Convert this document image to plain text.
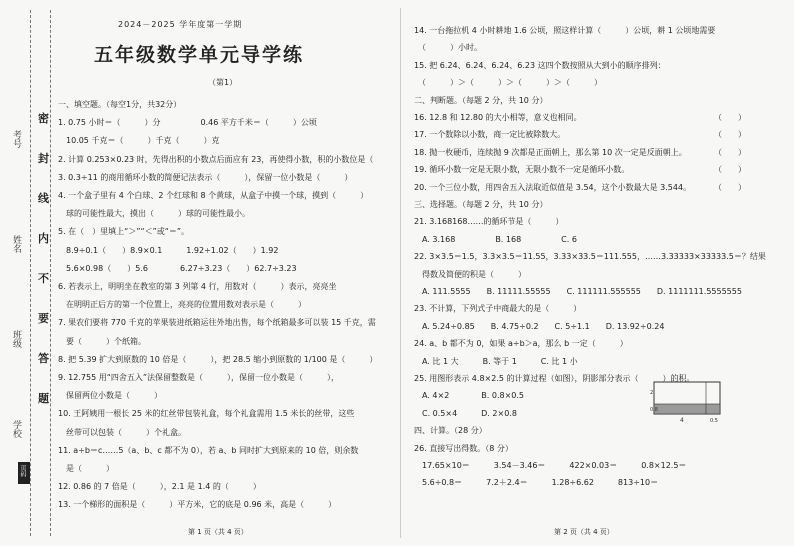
考号
姓名
班级
学校
密
封
线
内
不
要
答
题
页码
2024－2025 学年度第一学期
五年级数学单元导学练
（第1）
一、填空题。（每空1分，共32分）
1. 0.75 小时＝（　　　）分　　　　　0.46 平方千米＝（　　　）公顷
　10.05 千克＝（　　　）千克（　　　）克
2. 计算 0.253×0.23 时，先得出积的小数点后面应有 23，再使得小数，积的小数位是（
3. 0.3÷11 的商用循环小数的简便记法表示（　　　），保留一位小数是（　　　）
4. 一个盒子里有 4 个白球、2 个红球和 8 个黄球，从盒子中摸一个球，摸到（　　　）
　球的可能性最大，摸出（　　　）球的可能性最小。
5. 在（　）里填上“＞”“＜”或“＝”。
　8.9÷0.1（　　）8.9×0.1　　　1.92÷1.02（　　）1.92
　5.6×0.98（　　）5.6　　　　6.27÷3.23（　　）62.7÷3.23
6. 若表示上，明明坐在教室的第 3 列第 4 行，用数对（　　　）表示，亮亮坐
　在明明正后方的第一个位置上，亮亮的位置用数对表示是（　　　）
7. 果农们要将 770 千克的苹果装进纸箱运往外地出售，每个纸箱最多可以装 15 千克，需
　要（　　　）个纸箱。
8. 把 5.39 扩大到原数的 10 倍是（　　　），把 28.5 缩小到原数的 1/100 是（　　　）
9. 12.755 用“四舍五入”法保留整数是（　　　），保留一位小数是（　　　），
　保留两位小数是（　　　）
10. 王阿姨用一根长 25 米的红丝带包装礼盒，每个礼盒需用 1.5 米长的丝带，这些
　丝带可以包装（　　　）个礼盒。
11. a÷b＝c……5（a、b、c 都不为 0），若 a、b 同时扩大到原来的 10 倍，则余数
　是（　　　）
12. 0.86 的 7 倍是（　　　），2.1 是 1.4 的（　　　）
13. 一个梯形的面积是（　　　）平方米，它的底是 0.96 米，高是（　　　）
第 1 页（共 4 页）
14. 一台拖拉机 4 小时耕地 1.6 公顷，照这样计算（　　　）公顷，耕 1 公顷地需要
　（　　　）小时。
15. 把 6.2̇4̇、6.24̇、6.24、6.23 这四个数按照从大到小的顺序排列：
　（　　　）＞（　　　）＞（　　　）＞（　　　）
二、判断题。（每题 2 分，共 10 分）
16. 12.8 和 12.80 的大小相等，意义也相同。	（　　）
17. 一个数除以小数，商一定比被除数大。	（　　）
18. 抛一枚硬币，连续抛 9 次都是正面朝上，那么第 10 次一定是反面朝上。	（　　）
19. 循环小数一定是无限小数，无限小数不一定是循环小数。	（　　）
20. 一个三位小数，用四舍五入法取近似值是 3.54，这个小数最大是 3.544。	（　　）
三、选择题。（每题 2 分，共 10 分）
21. 3.168168……的循环节是（　　　）
　A. 3.168　　　　　B. 168　　　　　C. 6
22. 3×3.5＝1.5，3.3×3.5＝11.55，3.33×33.5＝111.555，……3.33333×33333.5＝？结果
　得数及简便的积是（　　　）
　A. 111.5555　　B. 11111.55555　　C. 111111.555555　　D. 1111111.5555555
23. 不计算，下列式子中商最大的是（　　　）
　A. 5.24÷0.85　　B. 4.75÷0.2　　C. 5÷1.1　　D. 13.92÷0.24
24. a、b 都不为 0，如果 a÷b＞a，那么 b 一定（　　　）
　A. 比 1 大　　　B. 等于 1　　　C. 比 1 小
25. 用图形表示 4.8×2.5 的计算过程（如图），阴影部分表示（　　　）的积。
　A. 4×2　　　　B. 0.8×0.5
　C. 0.5×4　　　D. 2×0.8
四、计算。（28 分）
26. 直接写出得数。（8 分）
　17.65×10＝　　　3.54－3.46＝　　　422×0.03＝　　　0.8×12.5＝
　5.6÷0.8＝　　　7.2＋2.4＝　　　1.28÷6.62　　　813÷10＝
4
0.8
2
0.5
第 2 页（共 4 页）
